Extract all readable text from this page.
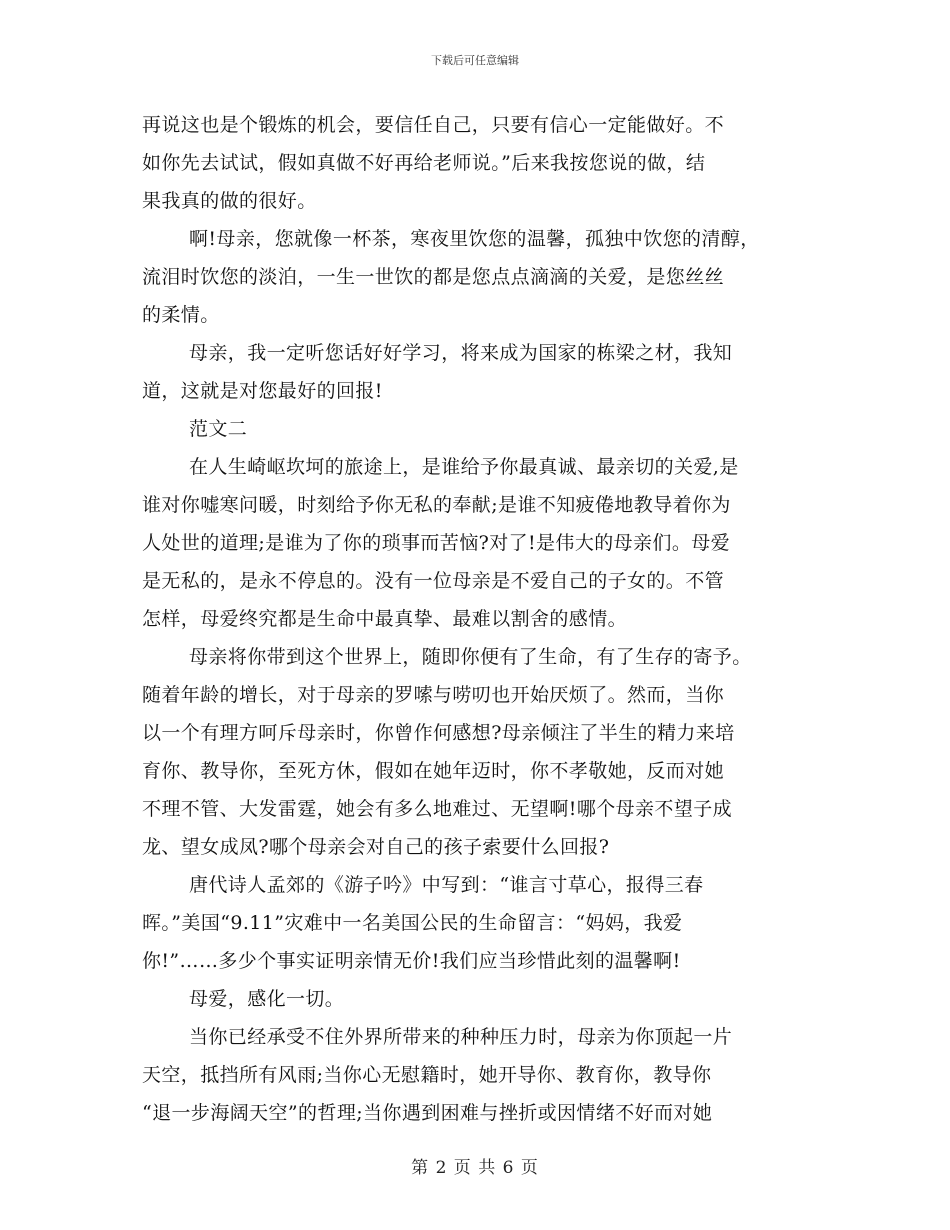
下载后可任意编辑
再说这也是个锻炼的机会，要信任自己，只要有信心一定能做好。不
如你先去试试，假如真做不好再给老师说。”后来我按您说的做，结
果我真的做的很好。
啊!母亲，您就像一杯茶，寒夜里饮您的温馨，孤独中饮您的清醇，
流泪时饮您的淡泊，一生一世饮的都是您点点滴滴的关爱，是您丝丝
的柔情。
母亲，我一定听您话好好学习，将来成为国家的栋梁之材，我知
道，这就是对您最好的回报!
范文二
在人生崎岖坎坷的旅途上，是谁给予你最真诚、最亲切的关爱,是
谁对你嘘寒问暖，时刻给予你无私的奉献;是谁不知疲倦地教导着你为
人处世的道理;是谁为了你的琐事而苦恼?对了!是伟大的母亲们。母爱
是无私的，是永不停息的。没有一位母亲是不爱自己的子女的。不管
怎样，母爱终究都是生命中最真挚、最难以割舍的感情。
母亲将你带到这个世界上，随即你便有了生命，有了生存的寄予。
随着年龄的增长，对于母亲的罗嗦与唠叨也开始厌烦了。然而，当你
以一个有理方呵斥母亲时，你曾作何感想?母亲倾注了半生的精力来培
育你、教导你，至死方休，假如在她年迈时，你不孝敬她，反而对她
不理不管、大发雷霆，她会有多么地难过、无望啊!哪个母亲不望子成
龙、望女成凤?哪个母亲会对自己的孩子索要什么回报?
唐代诗人孟郊的《游子吟》中写到：“谁言寸草心，报得三春
晖。”美国“9.11”灾难中一名美国公民的生命留言：“妈妈，我爱
你!”……多少个事实证明亲情无价!我们应当珍惜此刻的温馨啊!
母爱，感化一切。
当你已经承受不住外界所带来的种种压力时，母亲为你顶起一片
天空，抵挡所有风雨;当你心无慰籍时，她开导你、教育你，教导你
“退一步海阔天空”的哲理;当你遇到困难与挫折或因情绪不好而对她
第 2 页 共 6 页
